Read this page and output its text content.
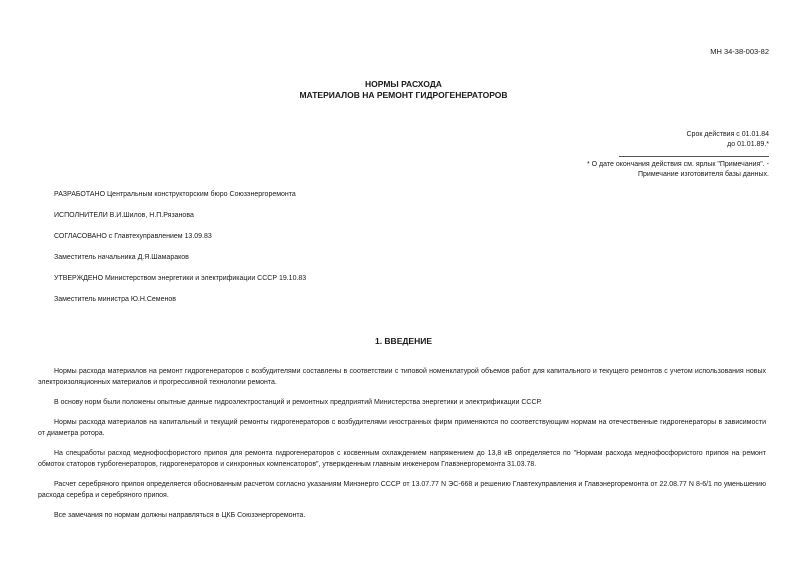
МН 34-38-003-82
НОРМЫ РАСХОДА
МАТЕРИАЛОВ НА РЕМОНТ ГИДРОГЕНЕРАТОРОВ
Срок действия с 01.01.84
до 01.01.89.*
* О дате окончания действия см. ярлык "Примечания". -
Примечание изготовителя базы данных.
РАЗРАБОТАНО Центральным конструкторским бюро Союзэнергоремонта
ИСПОЛНИТЕЛИ В.И.Шилов, Н.П.Рязанова
СОГЛАСОВАНО с Главтехуправлением 13.09.83
Заместитель начальника Д.Я.Шамараков
УТВЕРЖДЕНО Министерством энергетики и электрификации СССР 19.10.83
Заместитель министра Ю.Н.Семенов
1. ВВЕДЕНИЕ
Нормы расхода материалов на ремонт гидрогенераторов с возбудителями составлены в соответствии с типовой номенклатурой объемов работ для капитального и текущего ремонтов с учетом использования новых электроизоляционных материалов и прогрессивной технологии ремонта.
В основу норм были положены опытные данные гидроэлектростанций и ремонтных предприятий Министерства энергетики и электрификации СССР.
Нормы расхода материалов на капитальный и текущий ремонты гидрогенераторов с возбудителями иностранных фирм применяются по соответствующим нормам на отечественные гидрогенераторы в зависимости от диаметра ротора.
На спецработы расход меднофосфористого припоя для ремонта гидрогенераторов с косвенным охлаждением напряжением до 13,8 кВ определяется по "Нормам расхода меднофосфористого припоя на ремонт обмоток статоров турбогенераторов, гидрогенераторов и синхронных компенсаторов", утвержденным главным инженером Главэнергоремонта 31.03.78.
Расчет серебряного припоя определяется обоснованным расчетом согласно указаниям Минэнерго СССР от 13.07.77 N ЭС-668 и решению Главтехуправления и Главэнергоремонта от 22.08.77 N 8-6/1 по уменьшению расхода серебра и серебряного припоя.
Все замечания по нормам должны направляться в ЦКБ Союзэнергоремонта.
